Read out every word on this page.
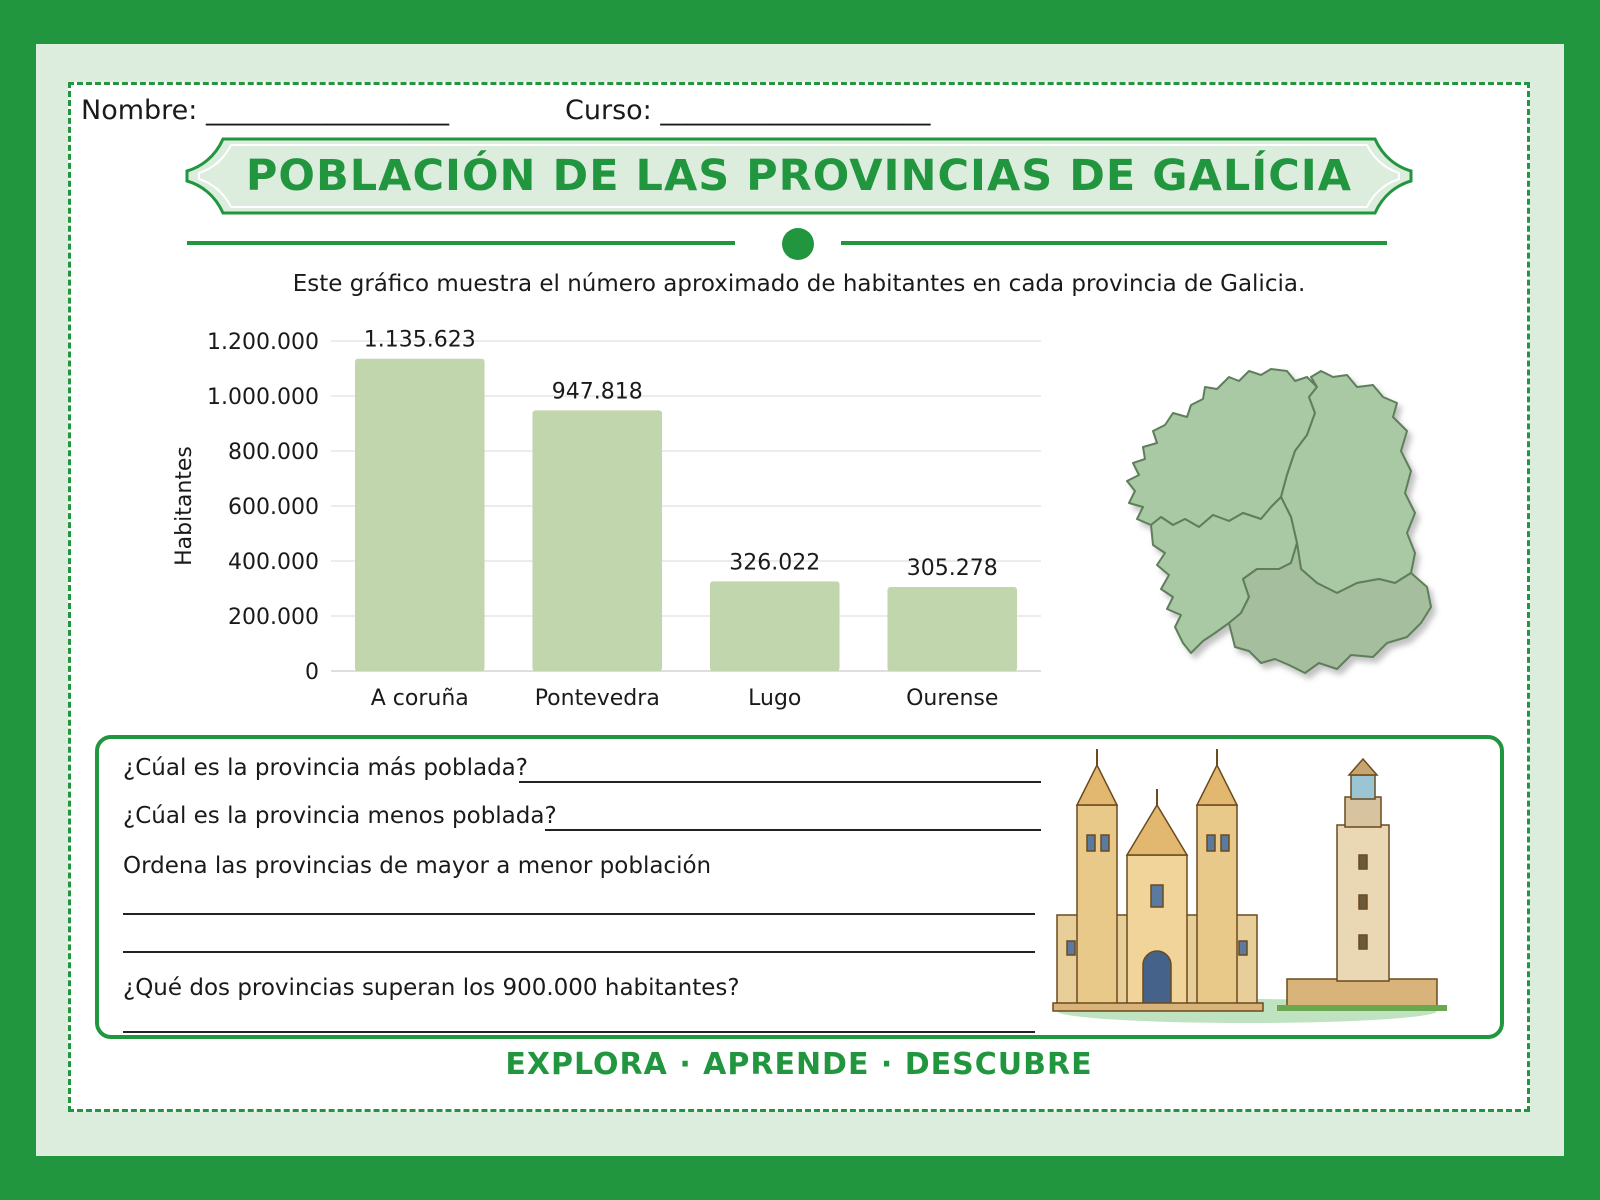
Nombre: __________________	Curso: ____________________
POBLACIÓN DE LAS PROVINCIAS DE GALÍCIA
Este gráfico muestra el número aproximado de habitantes en cada provincia de Galicia.
0
200.000
400.000
600.000
800.000
1.000.000
1.200.000 1.135.623
A coruña
947.818
Pontevedra
326.022
Lugo
305.278
Ourense
Habitantes
¿Cúal es la provincia más poblada?
¿Cúal es la provincia menos poblada?
Ordena las provincias de mayor a menor población
¿Qué dos provincias superan los 900.000 habitantes?
EXPLORA · APRENDE · DESCUBRE
